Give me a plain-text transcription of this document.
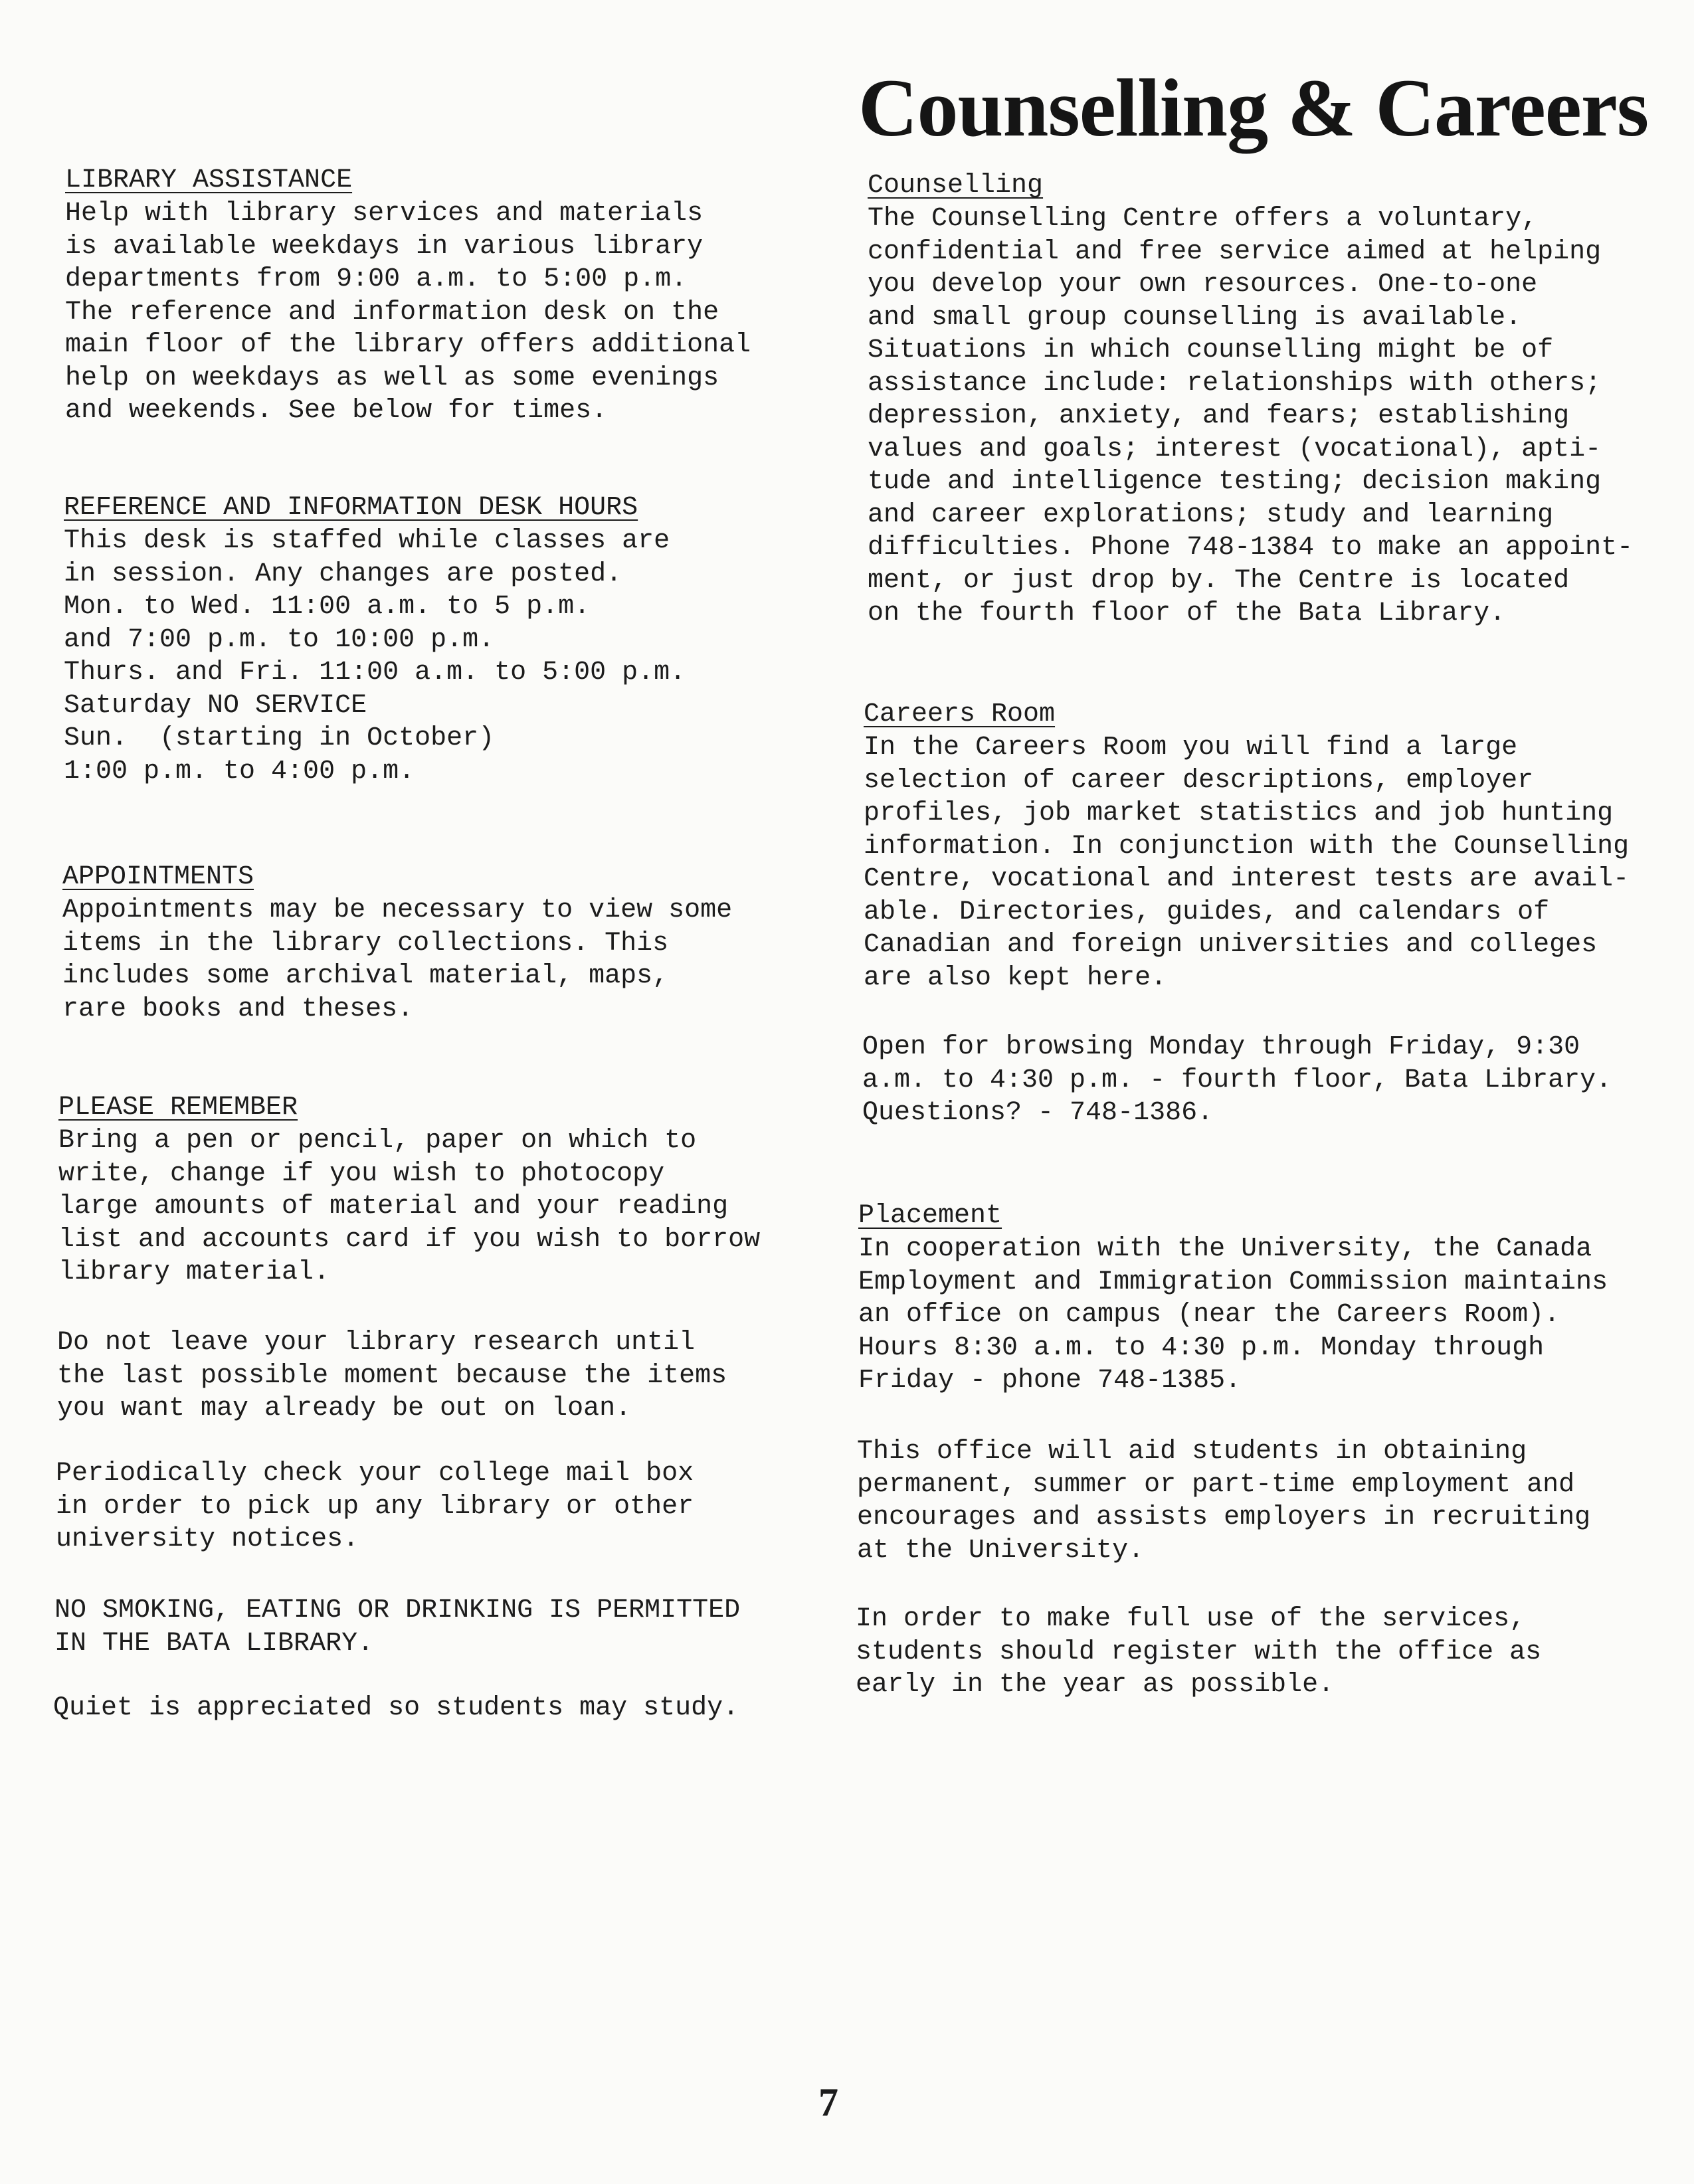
Counselling & Careers

LIBRARY ASSISTANCE

Help with library services and materials

is available weekdays in various library

departments from 9:00 a.m. to 5:00 p.m.

The reference and information desk on the

main floor of the library offers additional

help on weekdays as well as some evenings

and weekends. See below for times.

REFERENCE AND INFORMATION DESK HOURS

This desk is staffed while classes are

in session. Any changes are posted.

Mon. to Wed. 11:00 a.m. to 5 p.m.

and 7:00 p.m. to 10:00 p.m.

Thurs. and Fri. 11:00 a.m. to 5:00 p.m.

Saturday NO SERVICE

Sun.  (starting in October)

1:00 p.m. to 4:00 p.m.

APPOINTMENTS

Appointments may be necessary to view some

items in the library collections. This

includes some archival material, maps,

rare books and theses.

PLEASE REMEMBER

Bring a pen or pencil, paper on which to

write, change if you wish to photocopy

large amounts of material and your reading

list and accounts card if you wish to borrow

library material.

Do not leave your library research until

the last possible moment because the items

you want may already be out on loan.

Periodically check your college mail box

in order to pick up any library or other

university notices.

NO SMOKING, EATING OR DRINKING IS PERMITTED

IN THE BATA LIBRARY.

Quiet is appreciated so students may study.

Counselling

The Counselling Centre offers a voluntary,

confidential and free service aimed at helping

you develop your own resources. One-to-one

and small group counselling is available.

Situations in which counselling might be of

assistance include: relationships with others;

depression, anxiety, and fears; establishing

values and goals; interest (vocational), apti-

tude and intelligence testing; decision making

and career explorations; study and learning

difficulties. Phone 748-1384 to make an appoint-

ment, or just drop by. The Centre is located

on the fourth floor of the Bata Library.

Careers Room

In the Careers Room you will find a large

selection of career descriptions, employer

profiles, job market statistics and job hunting

information. In conjunction with the Counselling

Centre, vocational and interest tests are avail-

able. Directories, guides, and calendars of

Canadian and foreign universities and colleges

are also kept here.

Open for browsing Monday through Friday, 9:30

a.m. to 4:30 p.m. - fourth floor, Bata Library.

Questions? - 748-1386.

Placement

In cooperation with the University, the Canada

Employment and Immigration Commission maintains

an office on campus (near the Careers Room).

Hours 8:30 a.m. to 4:30 p.m. Monday through

Friday - phone 748-1385.

This office will aid students in obtaining

permanent, summer or part-time employment and

encourages and assists employers in recruiting

at the University.

In order to make full use of the services,

students should register with the office as

early in the year as possible.

7
